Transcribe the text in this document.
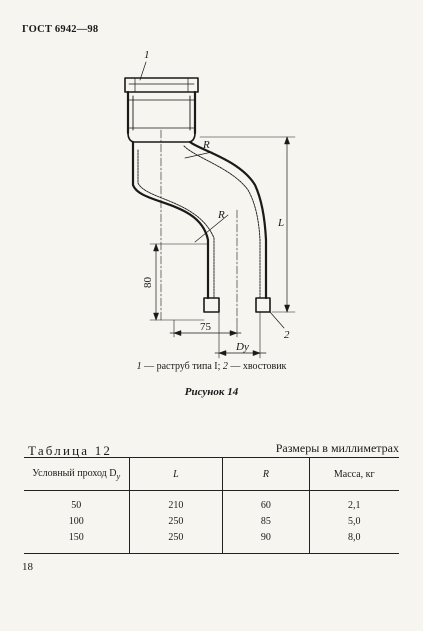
ГОСТ 6942—98
1
2
R
R
L
80
75
Dy
1 — раструб типа I; 2 — хвостовик
Рисунок 14
Таблица 12	Размеры в миллиметрах
Условный проход $D_у$	L	R	Масса, кг
50	210	60	2,1
100	250	85	5,0
150	250	90	8,0
18
